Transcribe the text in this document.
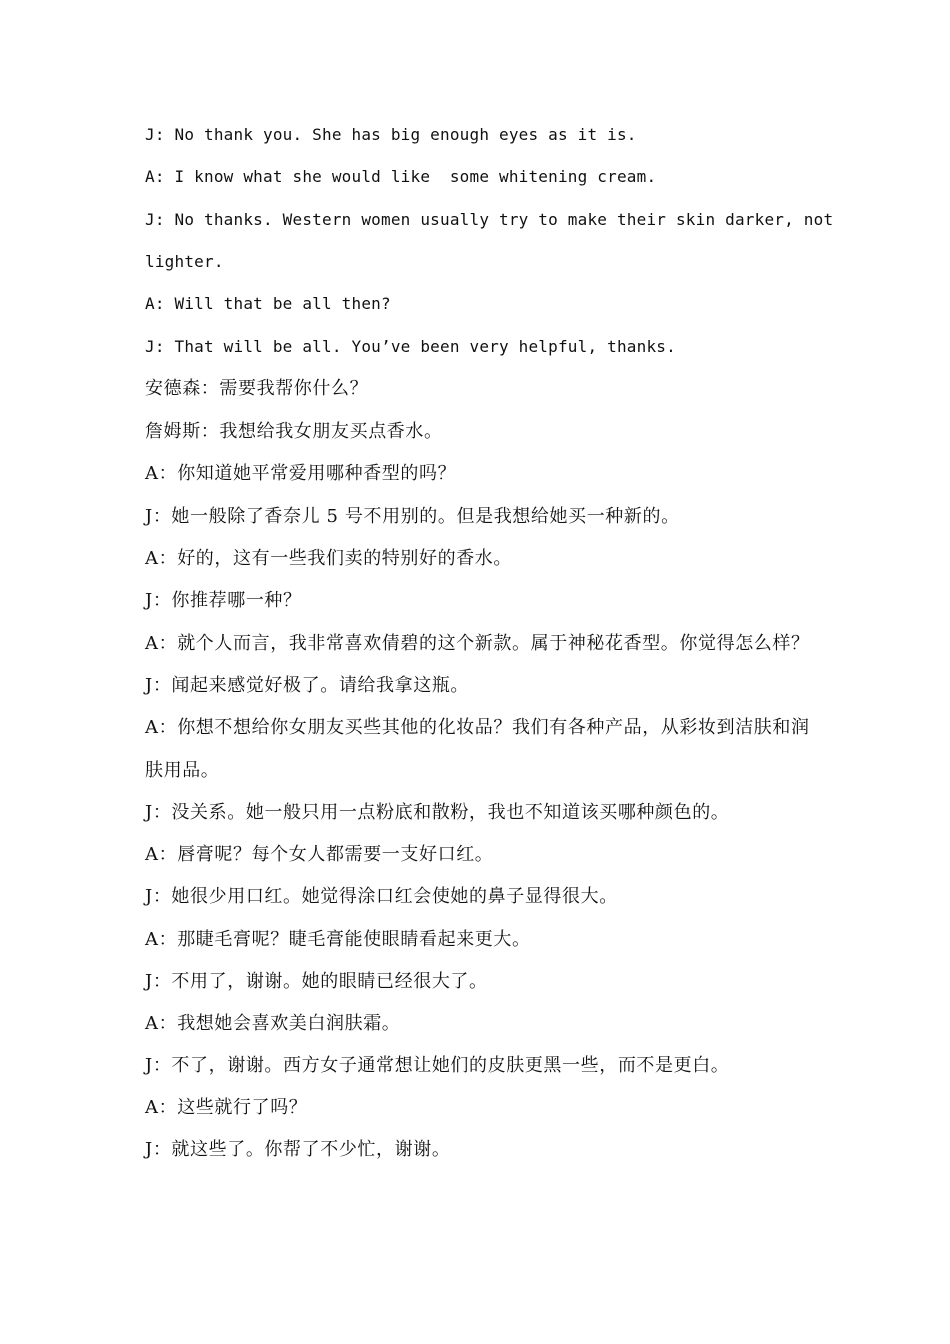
J: No thank you. She has big enough eyes as it is.
A: I know what she would like  some whitening cream.
J: No thanks. Western women usually try to make their skin darker, not
lighter.
A: Will that be all then?
J: That will be all. You’ve been very helpful, thanks.
安德森：需要我帮你什么？
詹姆斯：我想给我女朋友买点香水。
A：你知道她平常爱用哪种香型的吗？
J：她一般除了香奈儿 5 号不用别的。但是我想给她买一种新的。
A：好的，这有一些我们卖的特别好的香水。
J：你推荐哪一种？
A：就个人而言，我非常喜欢倩碧的这个新款。属于神秘花香型。你觉得怎么样？
J：闻起来感觉好极了。请给我拿这瓶。
A：你想不想给你女朋友买些其他的化妆品？我们有各种产品，从彩妆到洁肤和润
肤用品。
J：没关系。她一般只用一点粉底和散粉，我也不知道该买哪种颜色的。
A：唇膏呢？每个女人都需要一支好口红。
J：她很少用口红。她觉得涂口红会使她的鼻子显得很大。
A：那睫毛膏呢？睫毛膏能使眼睛看起来更大。
J：不用了，谢谢。她的眼睛已经很大了。
A：我想她会喜欢美白润肤霜。
J：不了，谢谢。西方女子通常想让她们的皮肤更黑一些，而不是更白。
A：这些就行了吗？
J：就这些了。你帮了不少忙，谢谢。
